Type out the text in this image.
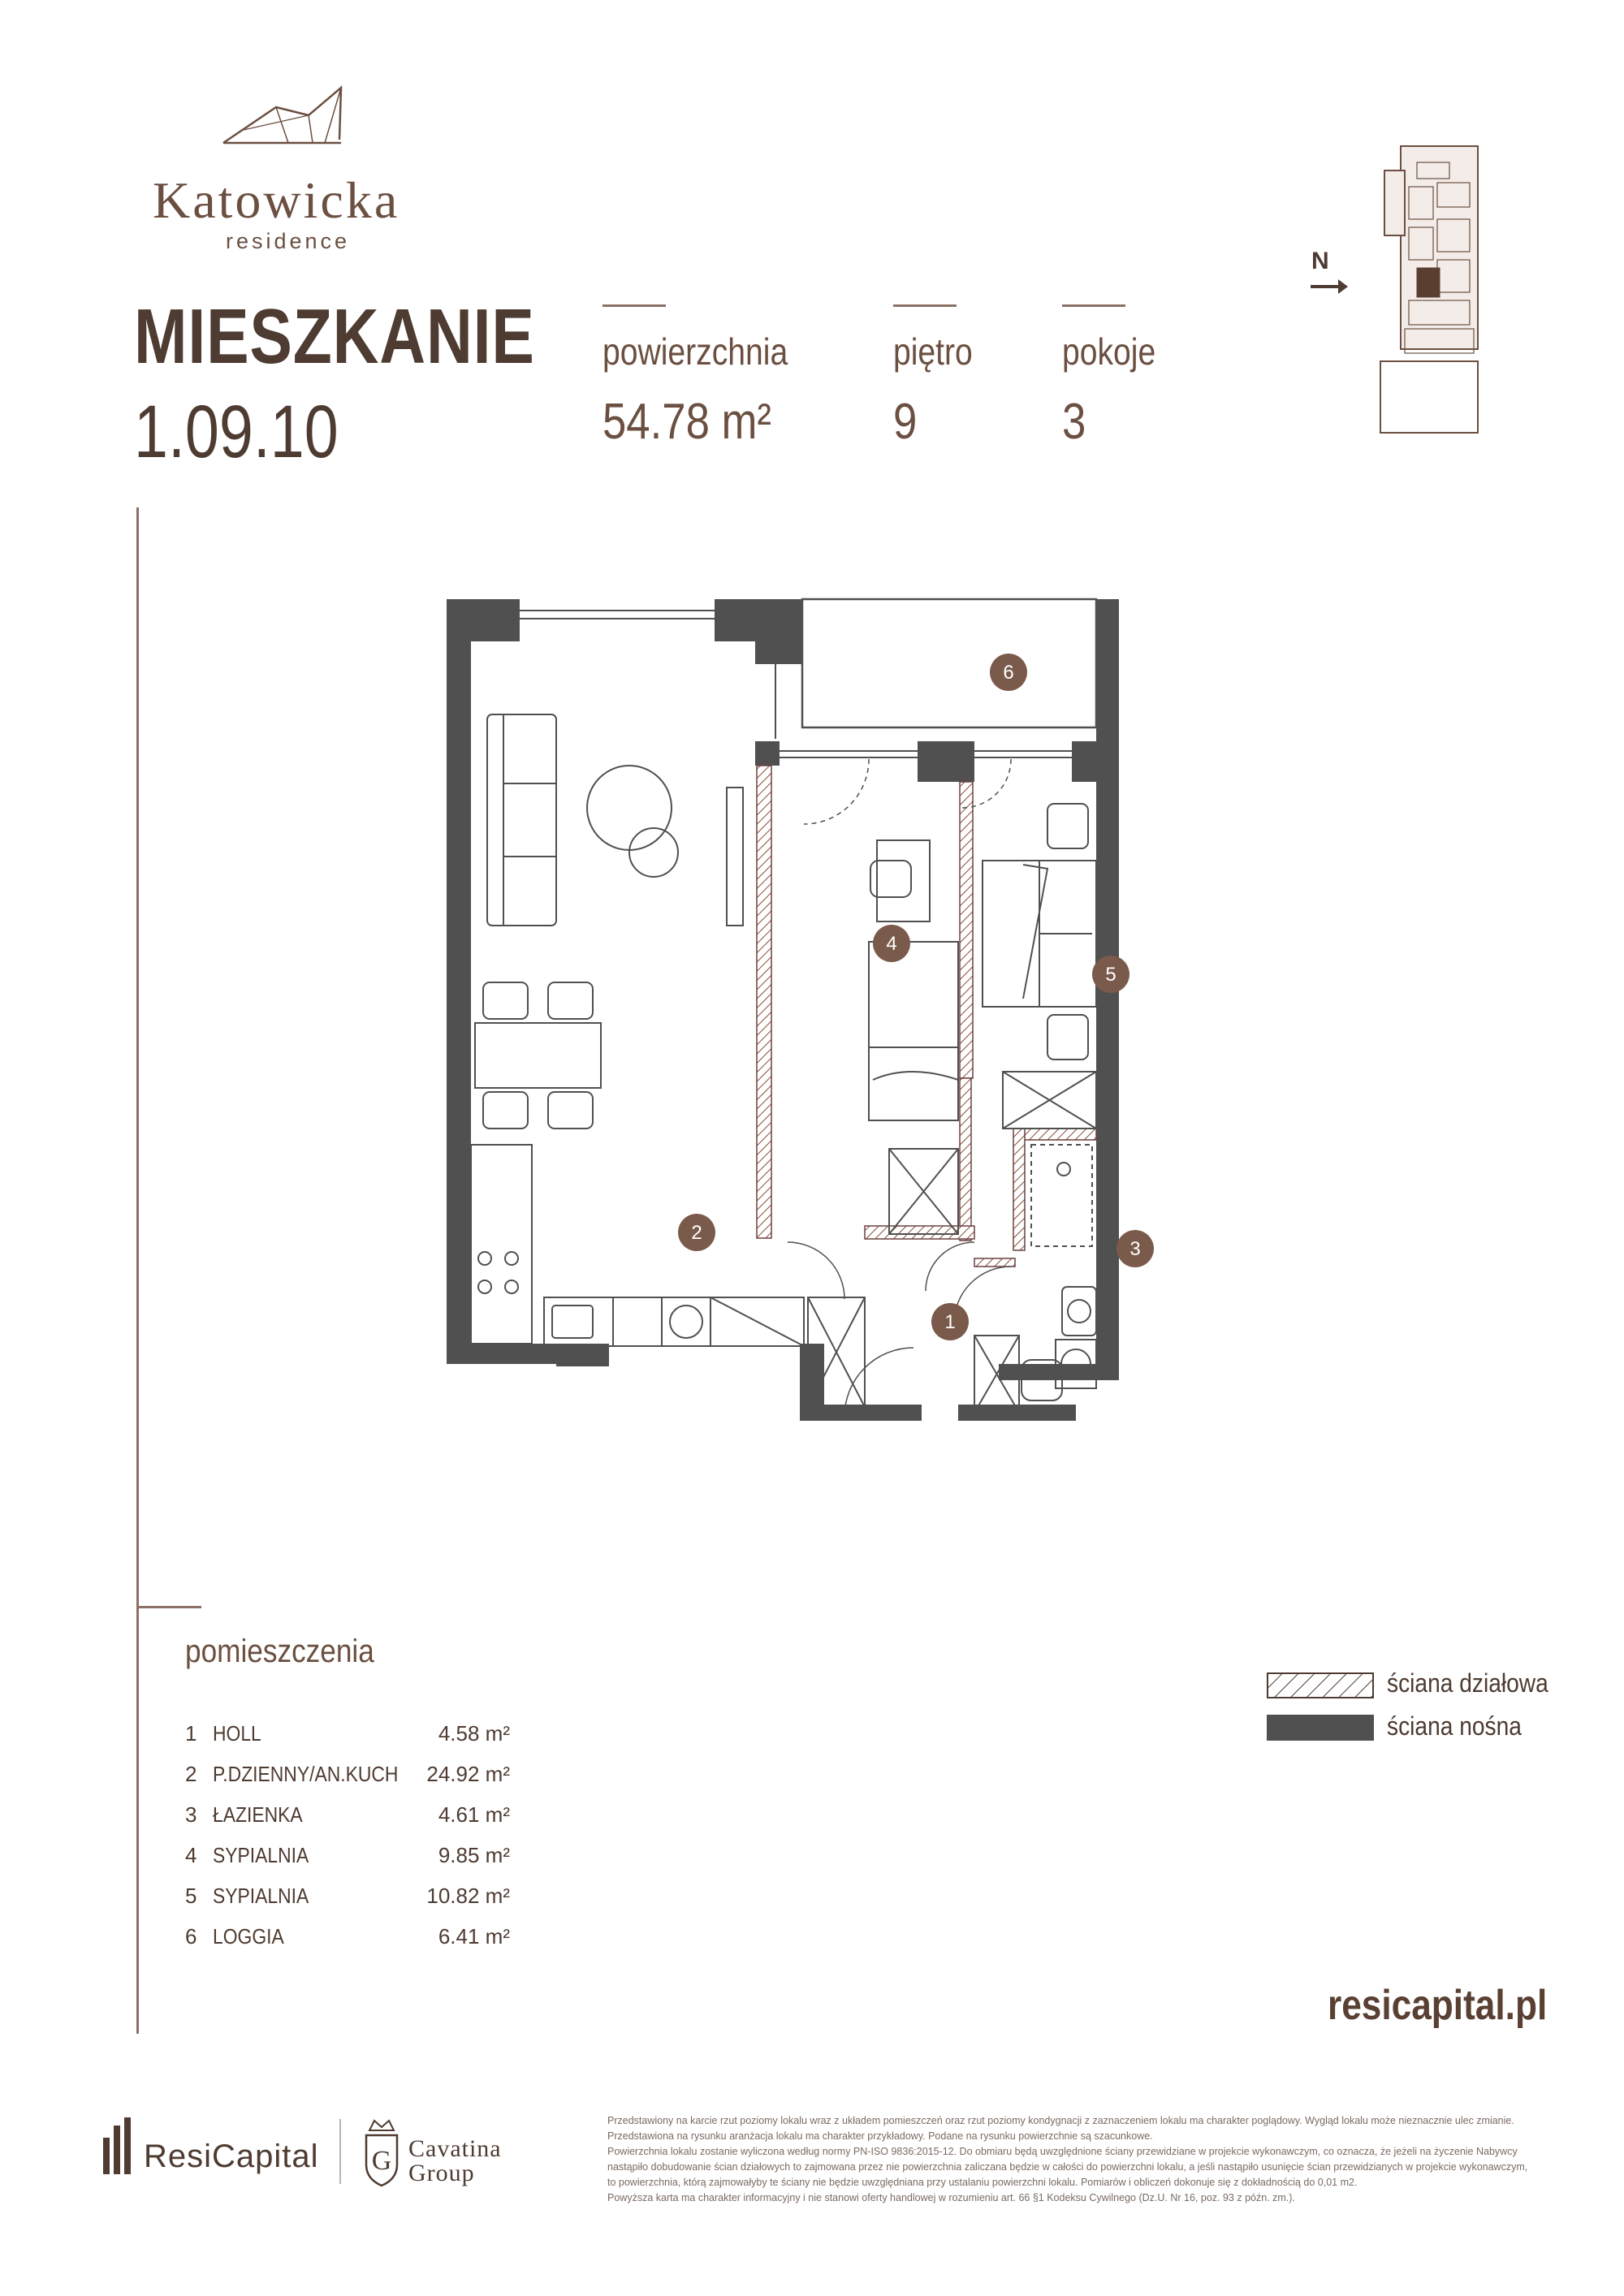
Katowicka
residence
MIESZKANIE
1.09.10
powierzchnia
54.78 m²
piętro
9
pokoje
3
N
1
2
3
4
5
6
pomieszczenia
1 HOLL	4.58 m²
2 P.DZIENNY/AN.KUCH 24.92 m²
3 ŁAZIENKA	4.61 m²
4 SYPIALNIA	9.85 m²
5 SYPIALNIA	10.82 m²
6 LOGGIA	6.41 m²
ściana działowa
ściana nośna
resicapital.pl
ResiCapital G Cavatina
Group

Przedstawiony na karcie rzut poziomy lokalu wraz z układem pomieszczeń oraz rzut poziomy kondygnacji z zaznaczeniem lokalu ma charakter poglądowy. Wygląd lokalu może nieznacznie ulec zmianie.

Przedstawiona na rysunku aranżacja lokalu ma charakter przykładowy. Podane na rysunku powierzchnie są szacunkowe.

Powierzchnia lokalu zostanie wyliczona według normy PN-ISO 9836:2015-12. Do obmiaru będą uwzględnione ściany przewidziane w projekcie wykonawczym, co oznacza, że jeżeli na życzenie Nabywcy nastąpiło dobudowanie ścian działowych to zajmowana przez nie powierzchnia zaliczana będzie w całości do powierzchni lokalu, a jeśli nastąpiło usunięcie ścian przewidzianych w projekcie wykonawczym, to powierzchnia, którą zajmowałyby te ściany nie będzie uwzględniana przy ustalaniu powierzchni lokalu. Pomiarów i obliczeń dokonuje się z dokładnością do 0,01 m2.

Powyższa karta ma charakter informacyjny i nie stanowi oferty handlowej w rozumieniu art. 66 §1 Kodeksu Cywilnego (Dz.U. Nr 16, poz. 93 z późn. zm.).
